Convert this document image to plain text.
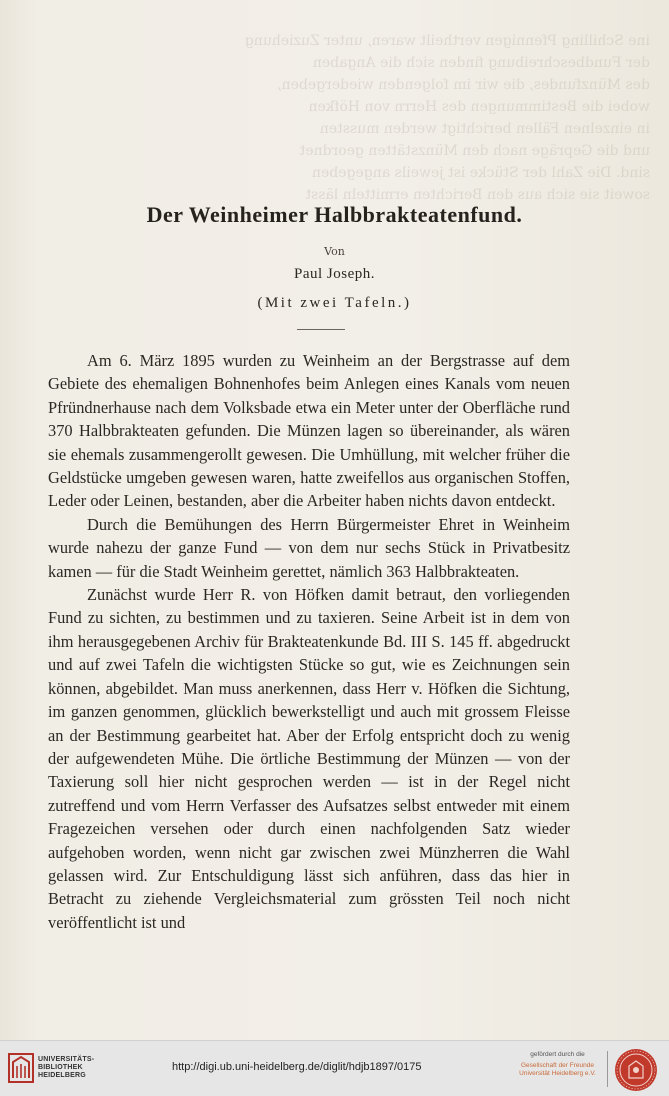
ine Schilling Pfennigen vertheilt waren, unter Zuziehung
der Fundbeschreibung finden sich die Angaben
des Münzfundes, die wir im folgenden wiedergeben,
wobei die Bestimmungen des Herrn von Höfken
in einzelnen Fällen berichtigt werden mussten
und die Gepräge nach den Münzstätten geordnet
sind. Die Zahl der Stücke ist jeweils angegeben
soweit sie sich aus den Berichten ermitteln lässt
Der Weinheimer Halbbrakteatenfund.
Von
Paul Joseph.
(Mit zwei Tafeln.)

Am 6. März 1895 wurden zu Weinheim an der Bergstrasse auf dem Gebiete des ehemaligen Bohnenhofes beim Anlegen eines Kanals vom neuen Pfründnerhause nach dem Volksbade etwa ein Meter unter der Oberfläche rund 370 Halbbrakteaten gefunden. Die Münzen lagen so übereinander, als wären sie ehemals zusammengerollt gewesen. Die Umhüllung, mit welcher früher die Geldstücke umgeben gewesen waren, hatte zweifellos aus organischen Stoffen, Leder oder Leinen, bestanden, aber die Arbeiter haben nichts davon entdeckt.

Durch die Bemühungen des Herrn Bürgermeister Ehret in Weinheim wurde nahezu der ganze Fund — von dem nur sechs Stück in Privatbesitz kamen — für die Stadt Weinheim gerettet, nämlich 363 Halbbrakteaten.

Zunächst wurde Herr R. von Höfken damit betraut, den vorliegenden Fund zu sichten, zu bestimmen und zu taxieren. Seine Arbeit ist in dem von ihm herausgegebenen Archiv für Brakteatenkunde Bd. III S. 145 ff. abgedruckt und auf zwei Tafeln die wichtigsten Stücke so gut, wie es Zeichnungen sein können, abgebildet. Man muss anerkennen, dass Herr v. Höfken die Sichtung, im ganzen genommen, glücklich bewerkstelligt und auch mit grossem Fleisse an der Bestimmung gearbeitet hat. Aber der Erfolg entspricht doch zu wenig der aufgewendeten Mühe. Die örtliche Bestimmung der Münzen — von der Taxierung soll hier nicht gesprochen werden — ist in der Regel nicht zutreffend und vom Herrn Verfasser des Aufsatzes selbst entweder mit einem Fragezeichen versehen oder durch einen nachfolgenden Satz wieder aufgehoben worden, wenn nicht gar zwischen zwei Münzherren die Wahl gelassen wird. Zur Entschuldigung lässt sich anführen, dass das hier in Betracht zu ziehende Vergleichsmaterial zum grössten Teil noch nicht veröffentlicht ist und

UNIVERSITÄTS-
BIBLIOTHEK
HEIDELBERG
http://digi.ub.uni-heidelberg.de/diglit/hdjb1897/0175
gefördert durch die
Gesellschaft der Freunde
Universität Heidelberg e.V.
